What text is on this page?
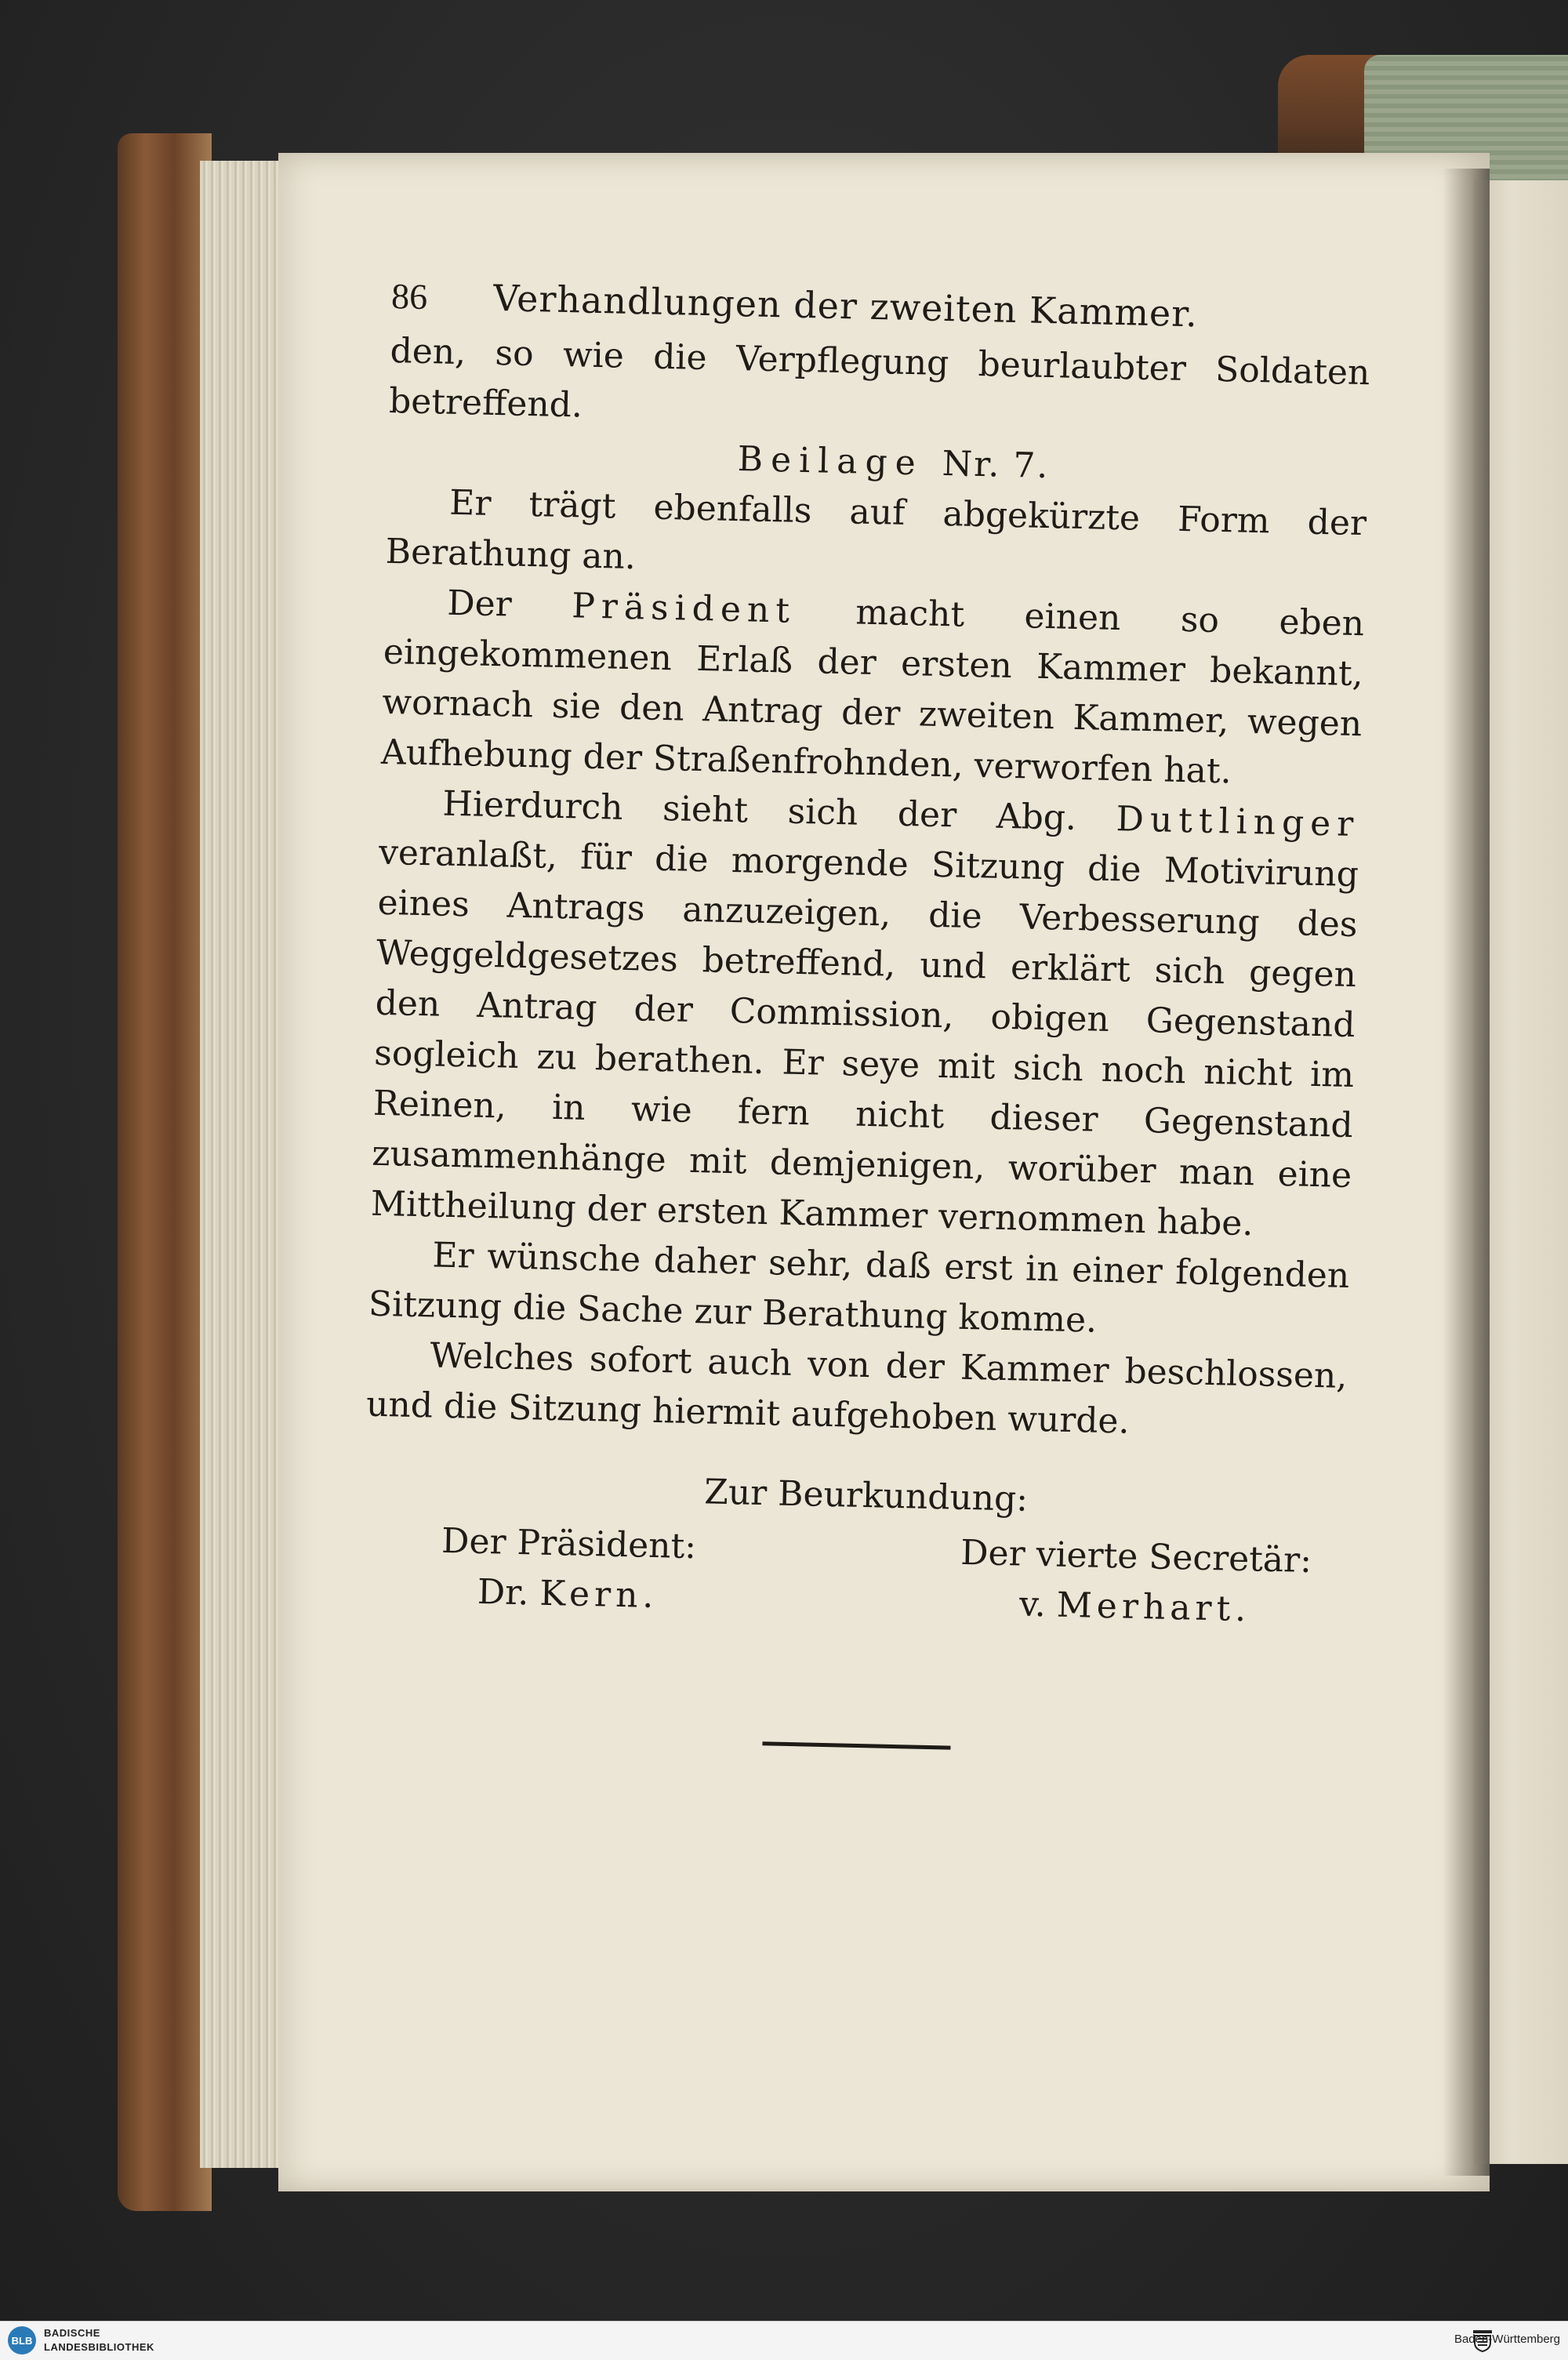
86	Verhandlungen der zweiten Kammer.

den, so wie die Verpflegung beurlaubter Soldaten betreffend.

Beilage Nr. 7.

Er trägt ebenfalls auf abgekürzte Form der Berathung an.

Der Präsident macht einen so eben eingekommenen Erlaß der ersten Kammer bekannt, wornach sie den Antrag der zweiten Kammer, wegen Aufhebung der Straßenfrohnden, verworfen hat.

Hierdurch sieht sich der Abg. Duttlinger veranlaßt, für die morgende Sitzung die Motivirung eines Antrags anzuzeigen, die Verbesserung des Weggeldgesetzes betreffend, und erklärt sich gegen den Antrag der Commission, obigen Gegenstand sogleich zu berathen. Er seye mit sich noch nicht im Reinen, in wie fern nicht dieser Gegenstand zusammenhänge mit demjenigen, worüber man eine Mittheilung der ersten Kammer vernommen habe.

Er wünsche daher sehr, daß erst in einer folgenden Sitzung die Sache zur Berathung komme.

Welches sofort auch von der Kammer beschlossen, und die Sitzung hiermit aufgehoben wurde.

Zur Beurkundung:

Der Präsident:
Dr. Kern.
Der vierte Secretär:
v. Merhart.
BLB
BADISCHE
LANDESBIBLIOTHEK
Baden-Württemberg
